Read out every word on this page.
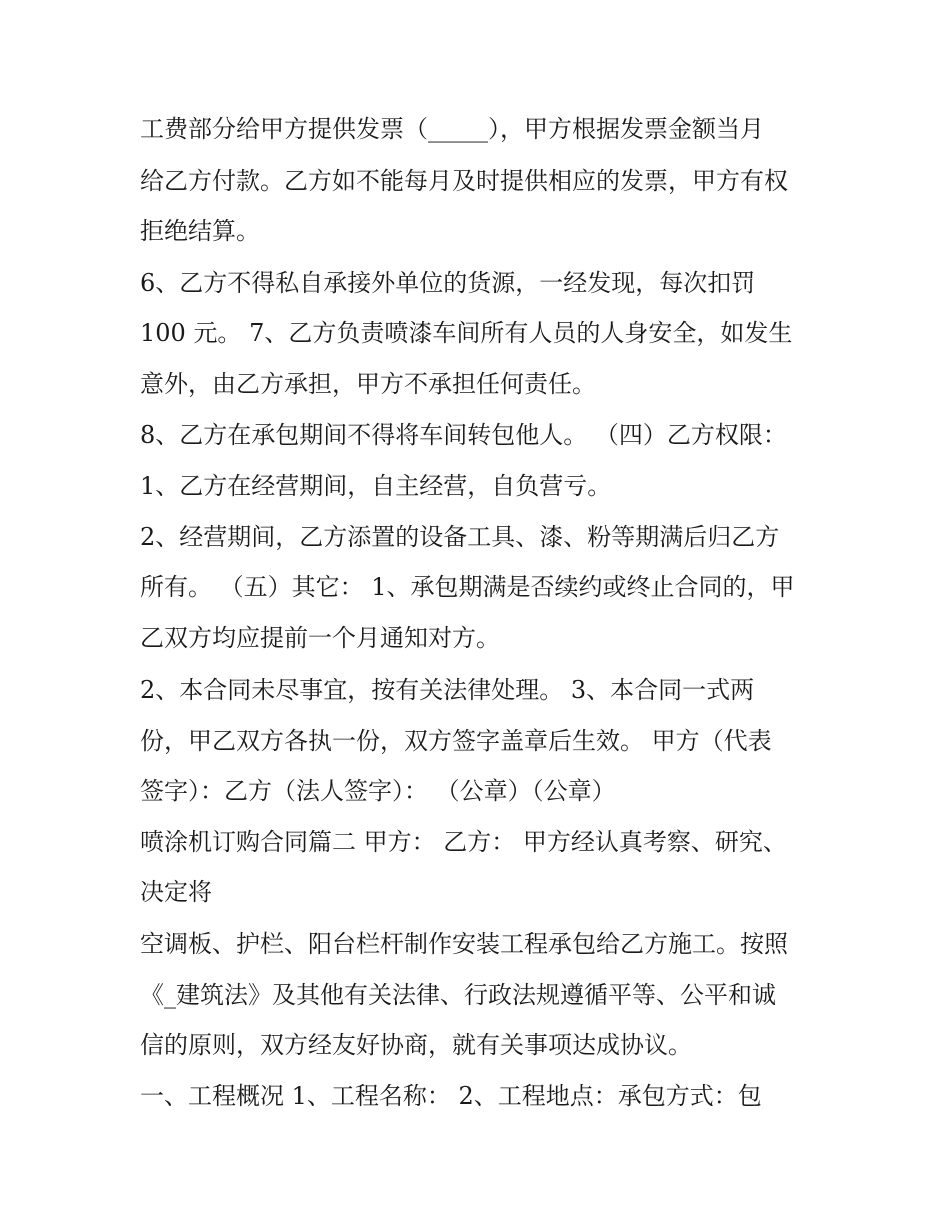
工费部分给甲方提供发票（_____），甲方根据发票金额当月
给乙方付款。乙方如不能每月及时提供相应的发票，甲方有权
拒绝结算。
6、乙方不得私自承接外单位的货源，一经发现，每次扣罚
100 元。 7、乙方负责喷漆车间所有人员的人身安全，如发生
意外，由乙方承担，甲方不承担任何责任。
8、乙方在承包期间不得将车间转包他人。 （四）乙方权限：
1、乙方在经营期间，自主经营，自负营亏。
2、经营期间，乙方添置的设备工具、漆、粉等期满后归乙方
所有。 （五）其它： 1、承包期满是否续约或终止合同的，甲
乙双方均应提前一个月通知对方。
2、本合同未尽事宜，按有关法律处理。 3、本合同一式两
份，甲乙双方各执一份，双方签字盖章后生效。 甲方（代表
签字）：乙方（法人签字）： （公章）（公章）
喷涂机订购合同篇二 甲方： 乙方： 甲方经认真考察、研究、
决定将
空调板、护栏、阳台栏杆制作安装工程承包给乙方施工。按照
《_建筑法》及其他有关法律、行政法规遵循平等、公平和诚
信的原则，双方经友好协商，就有关事项达成协议。
一、工程概况 1、工程名称： 2、工程地点：承包方式：包
